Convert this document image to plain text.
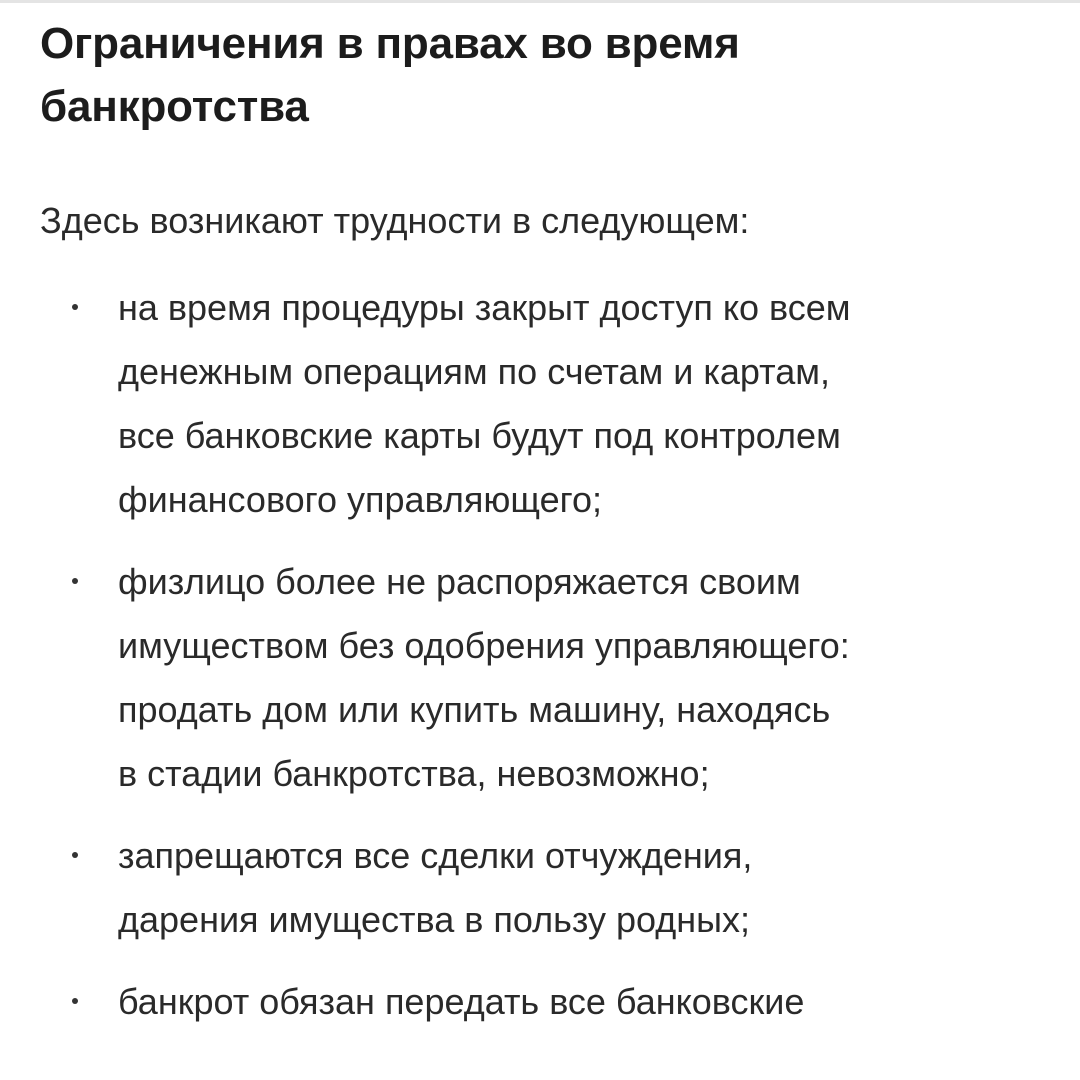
Ограничения в правах во время
банкротства

Здесь возникают трудности в следующем:

на время процедуры закрыт доступ ко всем
денежным операциям по счетам и картам,
все банковские карты будут под контролем
финансового управляющего;
физлицо более не распоряжается своим
имуществом без одобрения управляющего:
продать дом или купить машину, находясь
в стадии банкротства, невозможно;
запрещаются все сделки отчуждения,
дарения имущества в пользу родных;
банкрот обязан передать все банковские
